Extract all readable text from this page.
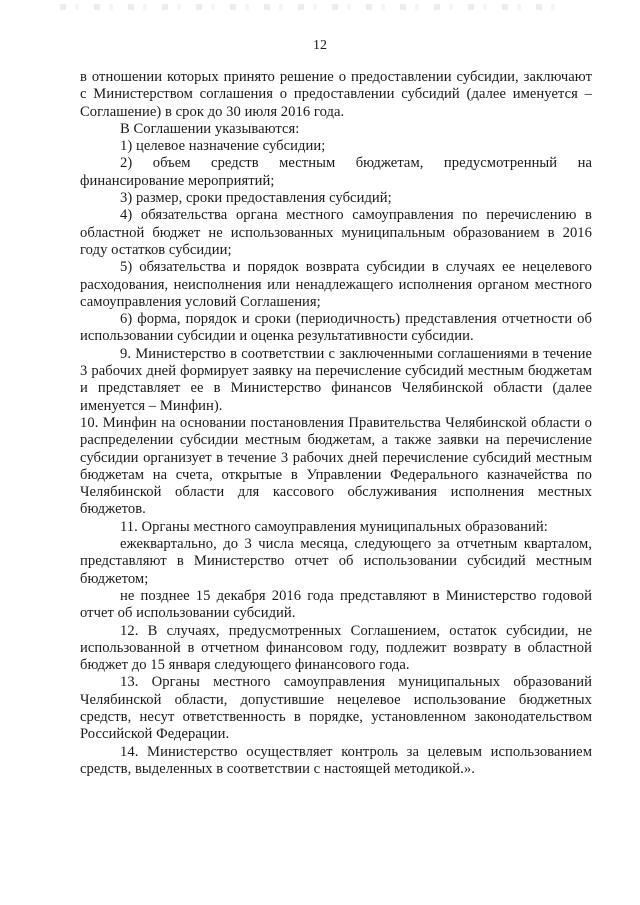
12

в отношении которых принято решение о предоставлении субсидии, заключают с Министерством соглашения о предоставлении субсидий (далее именуется – Соглашение) в срок до 30 июля 2016 года.

В Соглашении указываются:

1) целевое назначение субсидии;

2) объем средств местным бюджетам, предусмотренный на финансирование мероприятий;

3) размер, сроки предоставления субсидий;

4) обязательства органа местного самоуправления по перечислению в областной бюджет не использованных муниципальным образованием в 2016 году остатков субсидии;

5) обязательства и порядок возврата субсидии в случаях ее нецелевого расходования, неисполнения или ненадлежащего исполнения органом местного самоуправления условий Соглашения;

6) форма, порядок и сроки (периодичность) представления отчетности об использовании субсидии и оценка результативности субсидии.

9. Министерство в соответствии с заключенными соглашениями в течение 3 рабочих дней формирует заявку на перечисление субсидий местным бюджетам и представляет ее в Министерство финансов Челябинской области (далее именуется – Минфин).

10. Минфин на основании постановления Правительства Челябинской области о распределении субсидии местным бюджетам, а также заявки на перечисление субсидии организует в течение 3 рабочих дней перечисление субсидий местным бюджетам на счета, открытые в Управлении Федерального казначейства по Челябинской области для кассового обслуживания исполнения местных бюджетов.

11. Органы местного самоуправления муниципальных образований:

ежеквартально, до 3 числа месяца, следующего за отчетным кварталом, представляют в Министерство отчет об использовании субсидий местным бюджетом;

не позднее 15 декабря 2016 года представляют в Министерство годовой отчет об использовании субсидий.

12. В случаях, предусмотренных Соглашением, остаток субсидии, не использованной в отчетном финансовом году, подлежит возврату в областной бюджет до 15 января следующего финансового года.

13. Органы местного самоуправления муниципальных образований Челябинской области, допустившие нецелевое использование бюджетных средств, несут ответственность в порядке, установленном законодательством Российской Федерации.

14. Министерство осуществляет контроль за целевым использованием средств, выделенных в соответствии с настоящей методикой.».
